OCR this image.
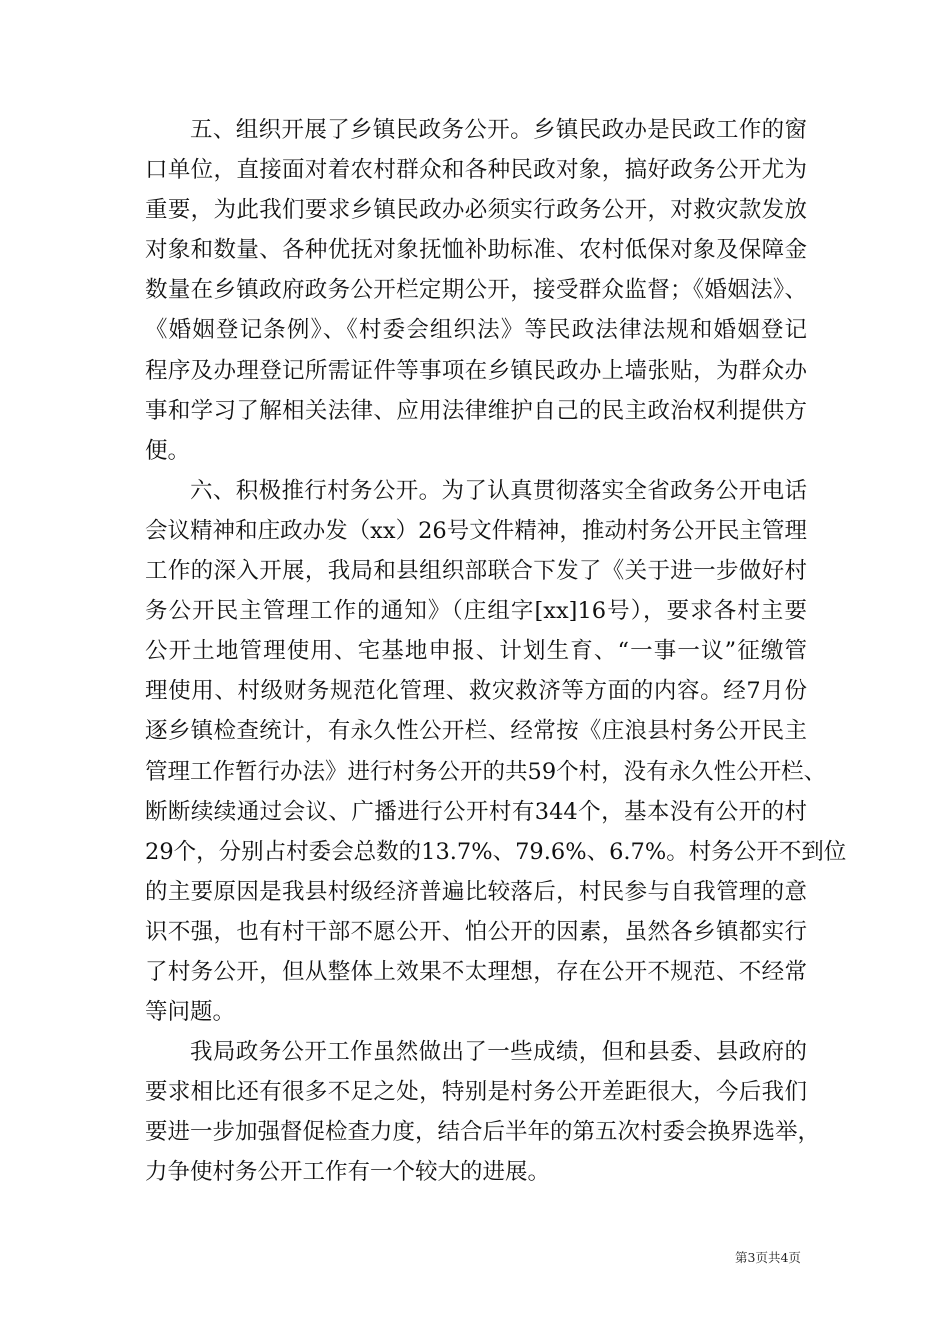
五、组织开展了乡镇民政务公开。乡镇民政办是民政工作的窗
口单位，直接面对着农村群众和各种民政对象，搞好政务公开尤为
重要，为此我们要求乡镇民政办必须实行政务公开，对救灾款发放
对象和数量、各种优抚对象抚恤补助标准、农村低保对象及保障金
数量在乡镇政府政务公开栏定期公开，接受群众监督；《婚姻法》、
《婚姻登记条例》、《村委会组织法》等民政法律法规和婚姻登记
程序及办理登记所需证件等事项在乡镇民政办上墙张贴，为群众办
事和学习了解相关法律、应用法律维护自己的民主政治权利提供方
便。
六、积极推行村务公开。为了认真贯彻落实全省政务公开电话
会议精神和庄政办发（xx）26号文件精神，推动村务公开民主管理
工作的深入开展，我局和县组织部联合下发了《关于进一步做好村
务公开民主管理工作的通知》（庄组字[xx]16号），要求各村主要
公开土地管理使用、宅基地申报、计划生育、“一事一议”征缴管
理使用、村级财务规范化管理、救灾救济等方面的内容。经7月份
逐乡镇检查统计，有永久性公开栏、经常按《庄浪县村务公开民主
管理工作暂行办法》进行村务公开的共59个村，没有永久性公开栏、
断断续续通过会议、广播进行公开村有344个，基本没有公开的村
29个，分别占村委会总数的13.7%、79.6%、6.7%。村务公开不到位
的主要原因是我县村级经济普遍比较落后，村民参与自我管理的意
识不强，也有村干部不愿公开、怕公开的因素，虽然各乡镇都实行
了村务公开，但从整体上效果不太理想，存在公开不规范、不经常
等问题。
我局政务公开工作虽然做出了一些成绩，但和县委、县政府的
要求相比还有很多不足之处，特别是村务公开差距很大，今后我们
要进一步加强督促检查力度，结合后半年的第五次村委会换界选举，
力争使村务公开工作有一个较大的进展。
第3页共4页
